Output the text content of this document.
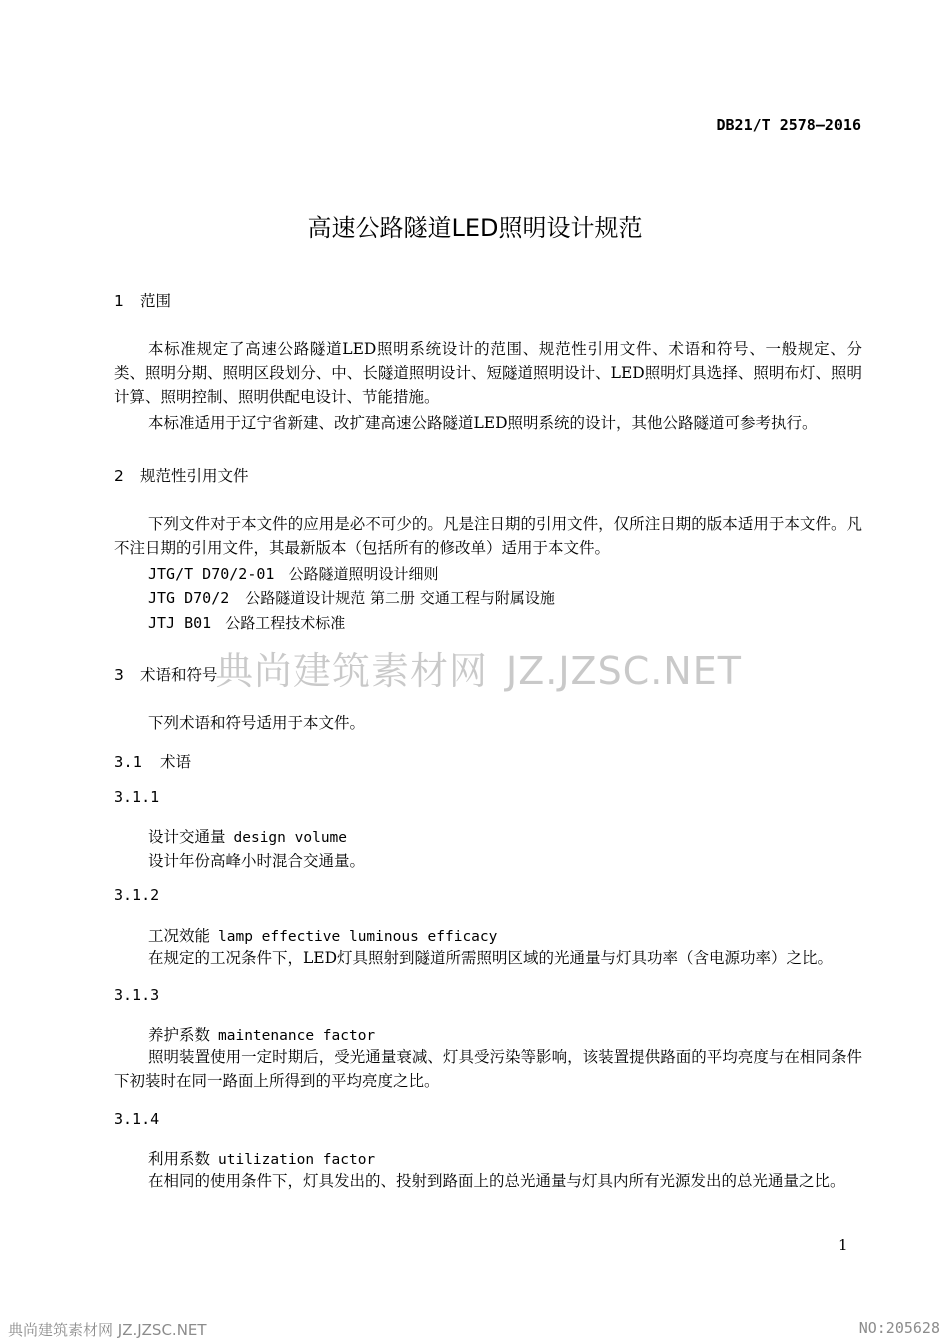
DB21/T 2578—2016
高速公路隧道LED照明设计规范
1 范围
本标准规定了高速公路隧道LED照明系统设计的范围、规范性引用文件、术语和符号、一般规定、分类、照明分期、照明区段划分、中、长隧道照明设计、短隧道照明设计、LED照明灯具选择、照明布灯、照明计算、照明控制、照明供配电设计、节能措施。
本标准适用于辽宁省新建、改扩建高速公路隧道LED照明系统的设计，其他公路隧道可参考执行。
2 规范性引用文件
下列文件对于本文件的应用是必不可少的。凡是注日期的引用文件，仅所注日期的版本适用于本文件。凡不注日期的引用文件，其最新版本（包括所有的修改单）适用于本文件。
JTG/T D70/2-01 公路隧道照明设计细则
JTG D70/2 公路隧道设计规范 第二册 交通工程与附属设施
JTJ B01 公路工程技术标准
典尚建筑素材网 JZ.JZSC.NET
3 术语和符号
下列术语和符号适用于本文件。
3.1 术语
3.1.1
设计交通量 design volume
设计年份高峰小时混合交通量。
3.1.2
工况效能 lamp effective luminous efficacy
在规定的工况条件下，LED灯具照射到隧道所需照明区域的光通量与灯具功率（含电源功率）之比。
3.1.3
养护系数 maintenance factor
照明装置使用一定时期后，受光通量衰减、灯具受污染等影响，该装置提供路面的平均亮度与在相同条件下初装时在同一路面上所得到的平均亮度之比。
3.1.4
利用系数 utilization factor
在相同的使用条件下，灯具发出的、投射到路面上的总光通量与灯具内所有光源发出的总光通量之比。
1
典尚建筑素材网 JZ.JZSC.NET	NO:205628
